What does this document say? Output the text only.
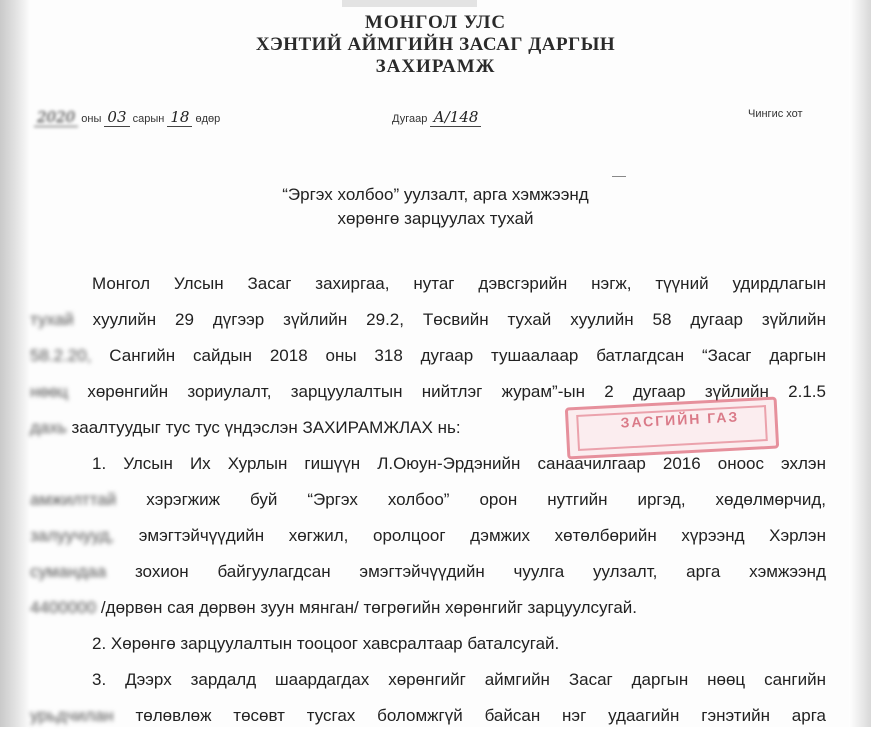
МОНГОЛ УЛС
ХЭНТИЙ АЙМГИЙН ЗАСАГ ДАРГЫН
ЗАХИРАМЖ
2020 оны 03 сарын 18 өдөр	Дугаар А/148	Чингис хот
“Эргэх холбоо” уулзалт, арга хэмжээнд
хөрөнгө зарцуулах тухай
Монгол Улсын Засаг захиргаа, нутаг дэвсгэрийн нэгж, түүний удирдлагын
тухай хуулийн 29 дүгээр зүйлийн 29.2, Төсвийн тухай хуулийн 58 дугаар зүйлийн
58.2.20, Сангийн сайдын 2018 оны 318 дугаар тушаалаар батлагдсан “Засаг даргын
нөөц хөрөнгийн зориулалт, зарцуулалтын нийтлэг журам”-ын 2 дугаар зүйлийн 2.1.5
дахь заалтуудыг тус тус үндэслэн ЗАХИРАМЖЛАХ нь:
1. Улсын Их Хурлын гишүүн Л.Оюун-Эрдэнийн санаачилгаар 2016 оноос эхлэн
амжилттай хэрэгжиж буй “Эргэх холбоо” орон нутгийн иргэд, хөдөлмөрчид,
залуучууд, эмэгтэйчүүдийн хөгжил, оролцоог дэмжих хөтөлбөрийн хүрээнд Хэрлэн
сумандаа зохион байгуулагдсан эмэгтэйчүүдийн чуулга уулзалт, арга хэмжээнд
4400000 /дөрвөн сая дөрвөн зуун мянган/ төгрөгийн хөрөнгийг зарцуулсугай.
2. Хөрөнгө зарцуулалтын тооцоог хавсралтаар баталсугай.
3. Дээрх зардалд шаардагдах хөрөнгийг аймгийн Засаг даргын нөөц сангийн
урьдчилан төлөвлөж төсөвт тусгах боломжгүй байсан нэг удаагийн гэнэтийн арга
ЗАСГИЙН ГАЗ
